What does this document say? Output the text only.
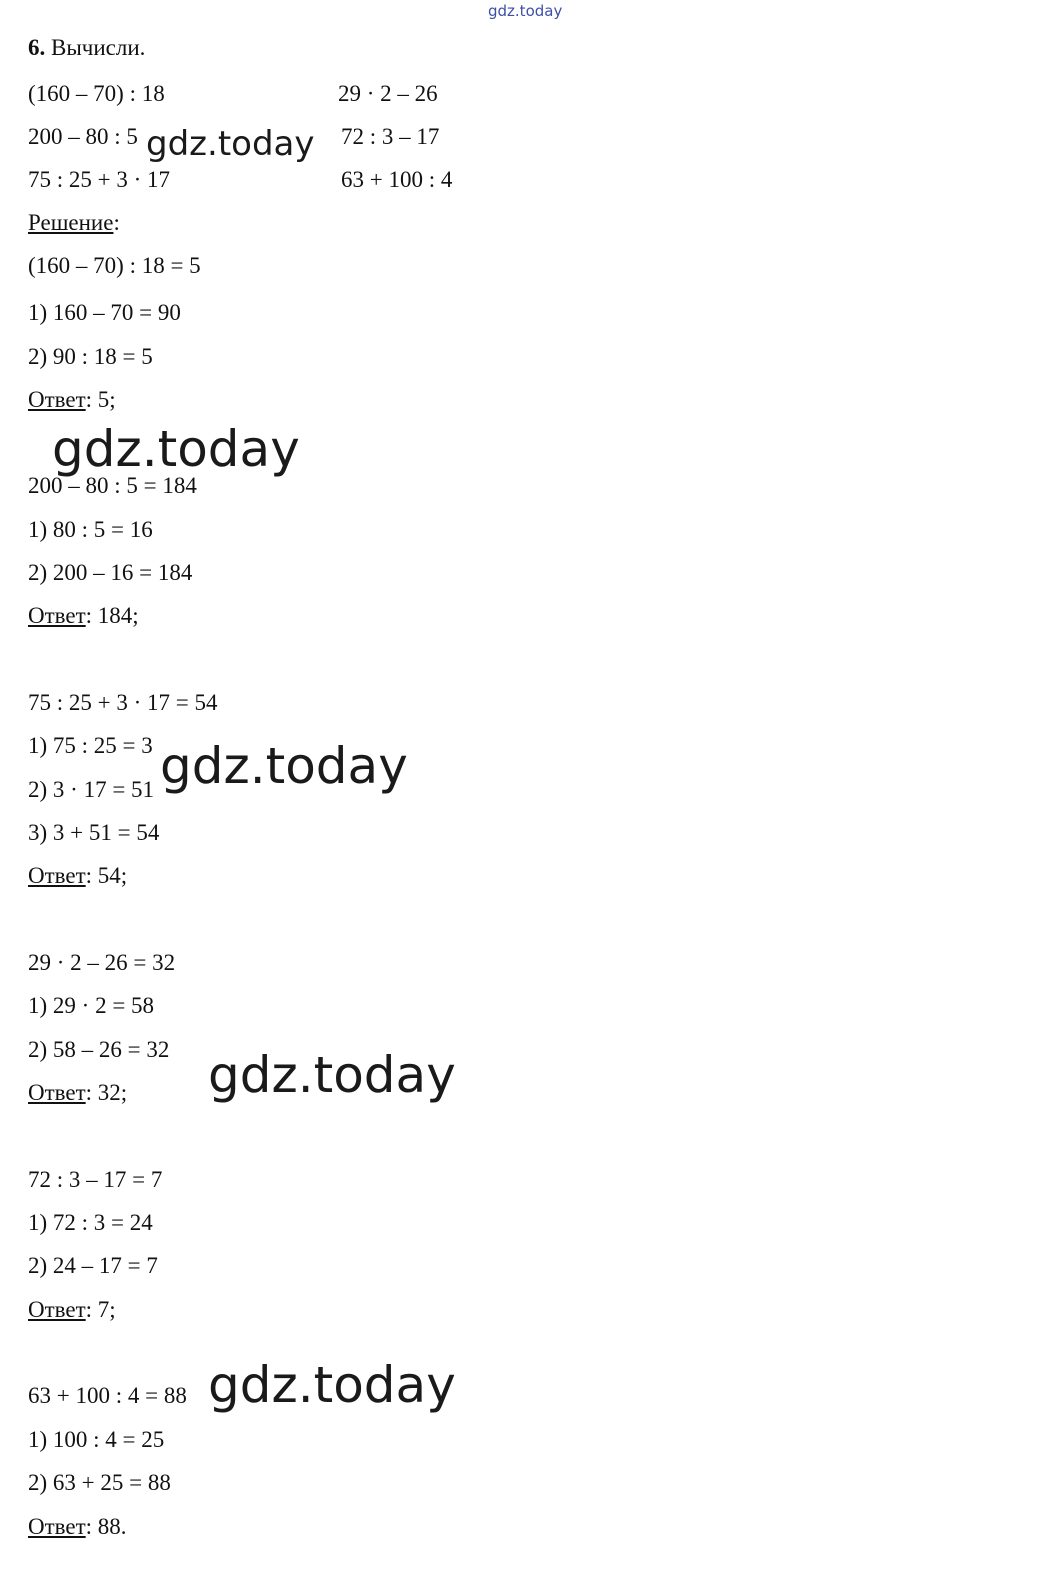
gdz.today
6. Вычисли.
(160 – 70) : 18
200 – 80 : 5
75 : 25 + 3 · 17
29 · 2 – 26
72 : 3 – 17
63 + 100 : 4
Решение:
(160 – 70) : 18 = 5
1) 160 – 70 = 90
2) 90 : 18 = 5
Ответ: 5;
200 – 80 : 5 = 184
1) 80 : 5 = 16
2) 200 – 16 = 184
Ответ: 184;
75 : 25 + 3 · 17 = 54
1) 75 : 25 = 3
2) 3 · 17 = 51
3) 3 + 51 = 54
Ответ: 54;
29 · 2 – 26 = 32
1) 29 · 2 = 58
2) 58 – 26 = 32
Ответ: 32;
72 : 3 – 17 = 7
1) 72 : 3 = 24
2) 24 – 17 = 7
Ответ: 7;
63 + 100 : 4 = 88
1) 100 : 4 = 25
2) 63 + 25 = 88
Ответ: 88.
gdz.today
gdz.today
gdz.today
gdz.today
gdz.today
